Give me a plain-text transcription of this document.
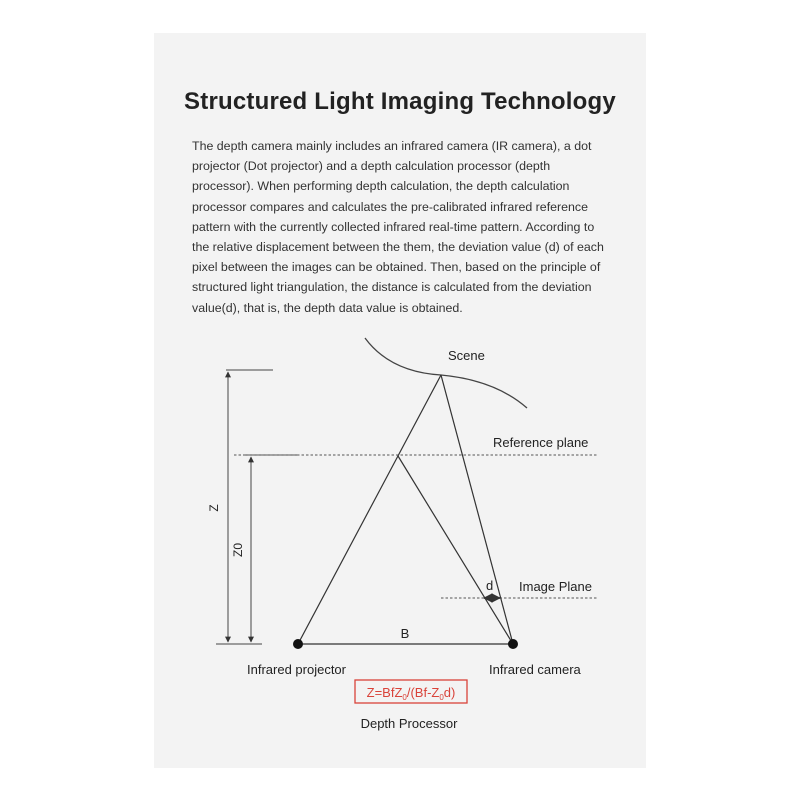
Structured Light Imaging Technology

The depth camera mainly includes an infrared camera (IR camera), a dot projector (Dot projector) and a depth calculation processor (depth processor). When performing depth calculation, the depth calculation processor compares and calculates the pre-calibrated infrared reference pattern with the currently collected infrared real-time pattern. According to the relative displacement between the them, the deviation value (d) of each pixel between the images can be obtained. Then, based on the principle of structured light triangulation, the distance is calculated from the deviation value(d), that is, the depth data value is obtained.

Scene
Z
Z0
Reference plane
Image Plane
B
d
Infrared projector	Infrared camera
$Z=BfZ_0/(Bf-Z_0d)$
Depth Processor
